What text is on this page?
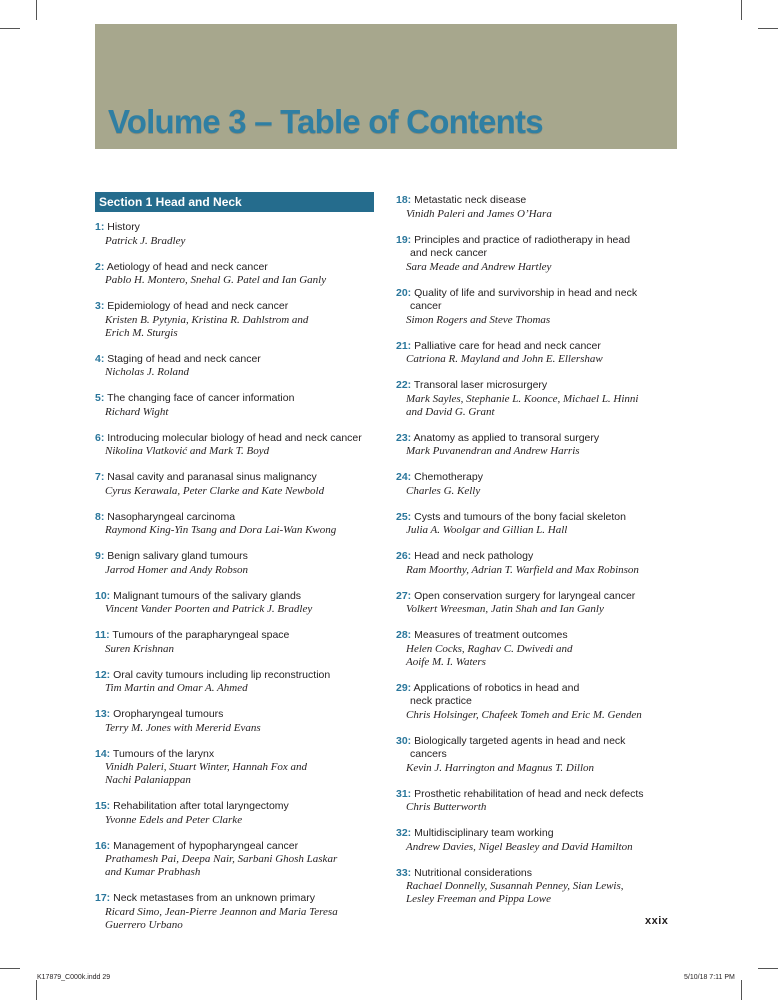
Volume 3 – Table of Contents
Section 1 Head and Neck
1: History
Patrick J. Bradley
2: Aetiology of head and neck cancer
Pablo H. Montero, Snehal G. Patel and Ian Ganly
3: Epidemiology of head and neck cancer
Kristen B. Pytynia, Kristina R. Dahlstrom and
Erich M. Sturgis
4: Staging of head and neck cancer
Nicholas J. Roland
5: The changing face of cancer information
Richard Wight
6: Introducing molecular biology of head and neck cancer
Nikolina Vlatković and Mark T. Boyd
7: Nasal cavity and paranasal sinus malignancy
Cyrus Kerawala, Peter Clarke and Kate Newbold
8: Nasopharyngeal carcinoma
Raymond King-Yin Tsang and Dora Lai-Wan Kwong
9: Benign salivary gland tumours
Jarrod Homer and Andy Robson
10: Malignant tumours of the salivary glands
Vincent Vander Poorten and Patrick J. Bradley
11: Tumours of the parapharyngeal space
Suren Krishnan
12: Oral cavity tumours including lip reconstruction
Tim Martin and Omar A. Ahmed
13: Oropharyngeal tumours
Terry M. Jones with Mererid Evans
14: Tumours of the larynx
Vinidh Paleri, Stuart Winter, Hannah Fox and
Nachi Palaniappan
15: Rehabilitation after total laryngectomy
Yvonne Edels and Peter Clarke
16: Management of hypopharyngeal cancer
Prathamesh Pai, Deepa Nair, Sarbani Ghosh Laskar
and Kumar Prabhash
17: Neck metastases from an unknown primary
Ricard Simo, Jean-Pierre Jeannon and Maria Teresa
Guerrero Urbano
18: Metastatic neck disease
Vinidh Paleri and James O’Hara
19: Principles and practice of radiotherapy in head
and neck cancer
Sara Meade and Andrew Hartley
20: Quality of life and survivorship in head and neck
cancer
Simon Rogers and Steve Thomas
21: Palliative care for head and neck cancer
Catriona R. Mayland and John E. Ellershaw
22: Transoral laser microsurgery
Mark Sayles, Stephanie L. Koonce, Michael L. Hinni
and David G. Grant
23: Anatomy as applied to transoral surgery
Mark Puvanendran and Andrew Harris
24: Chemotherapy
Charles G. Kelly
25: Cysts and tumours of the bony facial skeleton
Julia A. Woolgar and Gillian L. Hall
26: Head and neck pathology
Ram Moorthy, Adrian T. Warfield and Max Robinson
27: Open conservation surgery for laryngeal cancer
Volkert Wreesman, Jatin Shah and Ian Ganly
28: Measures of treatment outcomes
Helen Cocks, Raghav C. Dwivedi and
Aoife M. I. Waters
29: Applications of robotics in head and
neck practice
Chris Holsinger, Chafeek Tomeh and Eric M. Genden
30: Biologically targeted agents in head and neck
cancers
Kevin J. Harrington and Magnus T. Dillon
31: Prosthetic rehabilitation of head and neck defects
Chris Butterworth
32: Multidisciplinary team working
Andrew Davies, Nigel Beasley and David Hamilton
33: Nutritional considerations
Rachael Donnelly, Susannah Penney, Sian Lewis,
Lesley Freeman and Pippa Lowe
xxix
K17879_C000k.indd 29	5/10/18 7:11 PM
